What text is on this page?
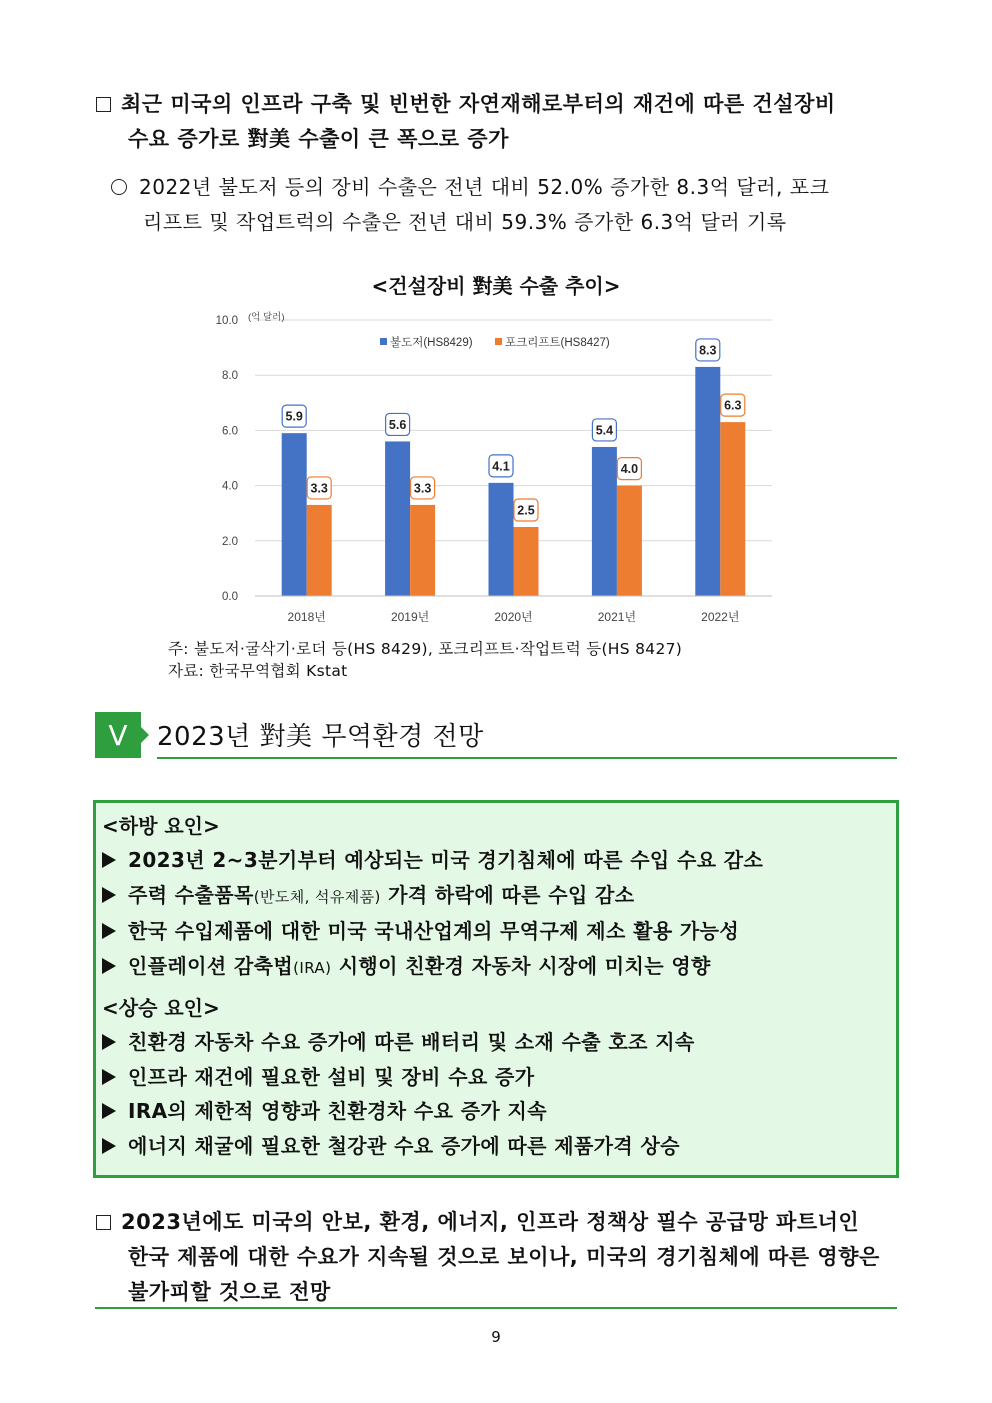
최근 미국의 인프라 구축 및 빈번한 자연재해로부터의 재건에 따른 건설장비
수요 증가로 對美 수출이 큰 폭으로 증가
2022년 불도저 등의 장비 수출은 전년 대비 52.0% 증가한 8.3억 달러, 포크
리프트 및 작업트럭의 수출은 전년 대비 59.3% 증가한 6.3억 달러 기록
<건설장비 對美 수출 추이>
0.0
2.0
4.0
6.0
8.0
10.0 (억 달러)
불도저(HS8429)	포크리프트(HS8427)
5.9
3.3
2018년
5.6
3.3
2019년
4.1
2.5
2020년
5.4
4.0
2021년
8.3
6.3
2022년
주: 불도저·굴삭기·로더 등(HS 8429), 포크리프트·작업트럭 등(HS 8427)
자료: 한국무역협회 Kstat
V	2023년 對美 무역환경 전망
<하방 요인>
2023년 2~3분기부터 예상되는 미국 경기침체에 따른 수입 수요 감소
주력 수출품목(반도체, 석유제품) 가격 하락에 따른 수입 감소
한국 수입제품에 대한 미국 국내산업계의 무역구제 제소 활용 가능성
인플레이션 감축법(IRA) 시행이 친환경 자동차 시장에 미치는 영향
<상승 요인>
친환경 자동차 수요 증가에 따른 배터리 및 소재 수출 호조 지속
인프라 재건에 필요한 설비 및 장비 수요 증가
IRA의 제한적 영향과 친환경차 수요 증가 지속
에너지 채굴에 필요한 철강관 수요 증가에 따른 제품가격 상승
2023년에도 미국의 안보, 환경, 에너지, 인프라 정책상 필수 공급망 파트너인
한국 제품에 대한 수요가 지속될 것으로 보이나, 미국의 경기침체에 따른 영향은
불가피할 것으로 전망
9
